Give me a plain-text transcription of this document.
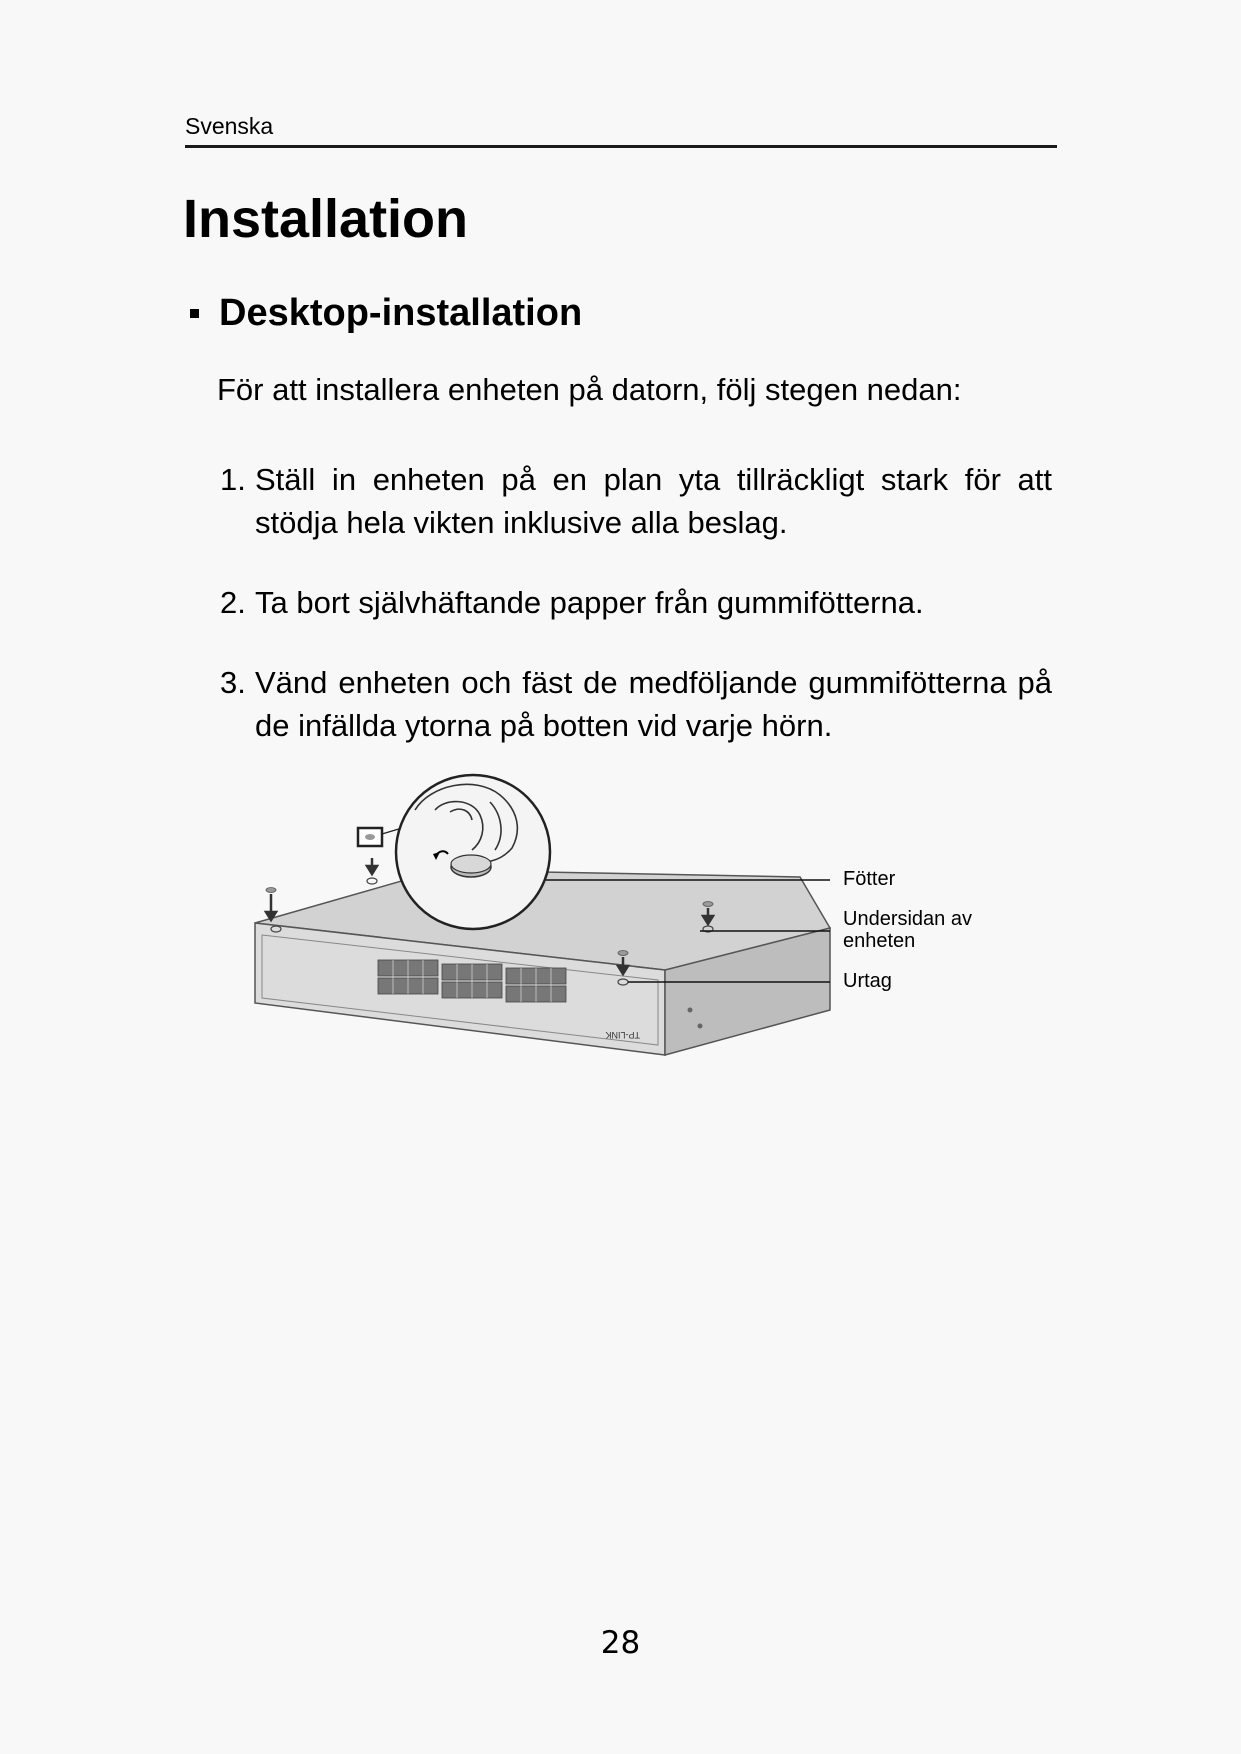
Svenska
Installation
Desktop-installation
För att installera enheten på datorn, följ stegen nedan:
1. Ställ in enheten på en plan yta tillräckligt stark för att stödja hela vikten inklusive alla beslag.
2. Ta bort självhäftande papper från gummifötterna.
3. Vänd enheten och fäst de medföljande gummifötterna på de infällda ytorna på botten vid varje hörn.
TP-LINK
Fötter
Undersidan av enheten
Urtag
28
